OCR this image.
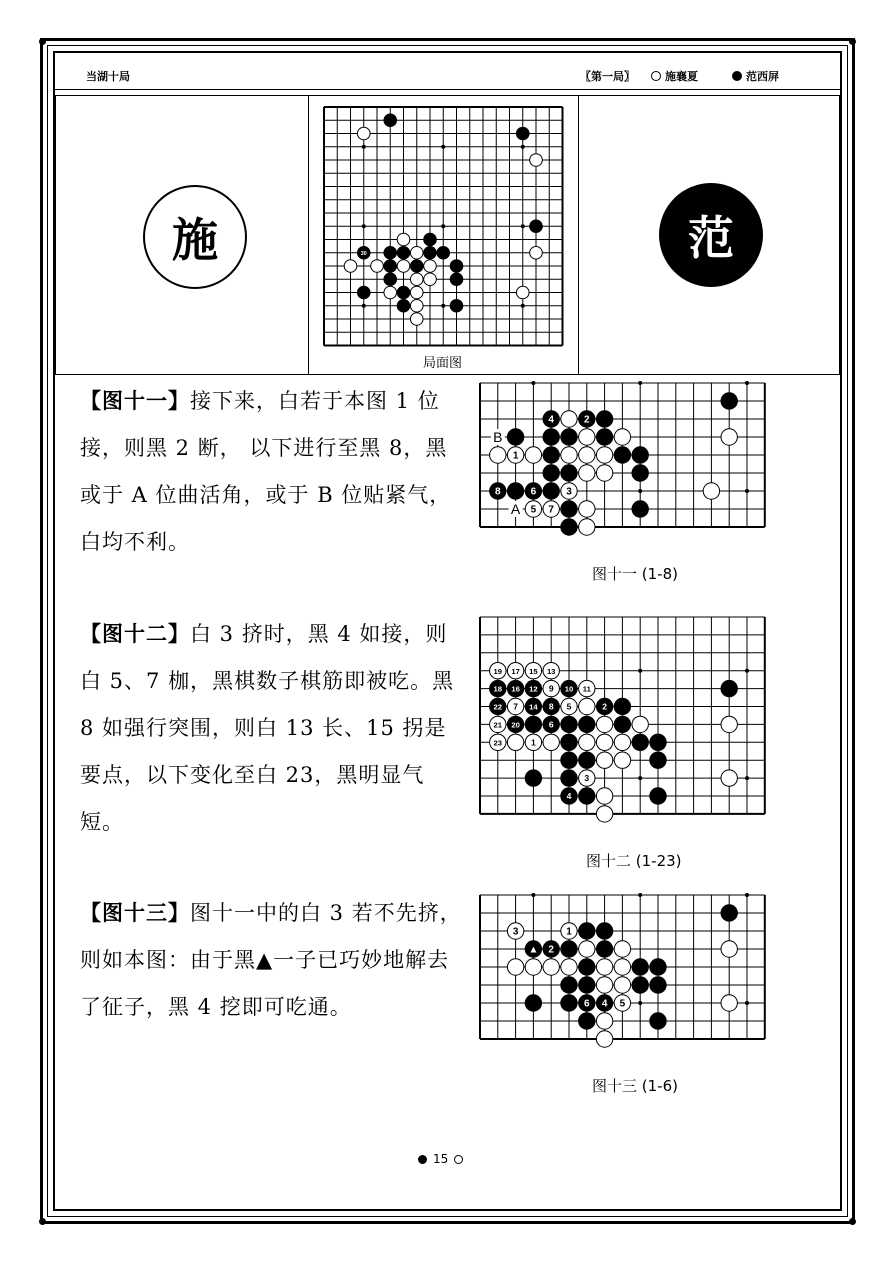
当湖十局	〖第一局〗	施襄夏	范西屏
施	范
30
局面图
【图十一】接下来，白若于本图 1 位接，则黑 2 断， 以下进行至黑 8，黑或于 A 位曲活角，或于 B 位贴紧气，白均不利。
B
A
4	2
1
8	6	3
5 7
图十一 (1-8)
【图十二】白 3 挤时，黑 4 如接，则白 5、7 枷，黑棋数子棋筋即被吃。黑 8 如强行突围，则白 13 长、15 拐是要点，以下变化至白 23，黑明显气短。
19 17 15 13
18 16 12 9 10 11
22 7 14 8 5	2
21 20	6
23	1
3
4
图十二 (1-23)
【图十三】图十一中的白 3 若不先挤，则如本图：由于黑▲一子已巧妙地解去了征子，黑 4 挖即可吃通。
3	1
▲ 2
6 4 5
图十三 (1-6)
15
